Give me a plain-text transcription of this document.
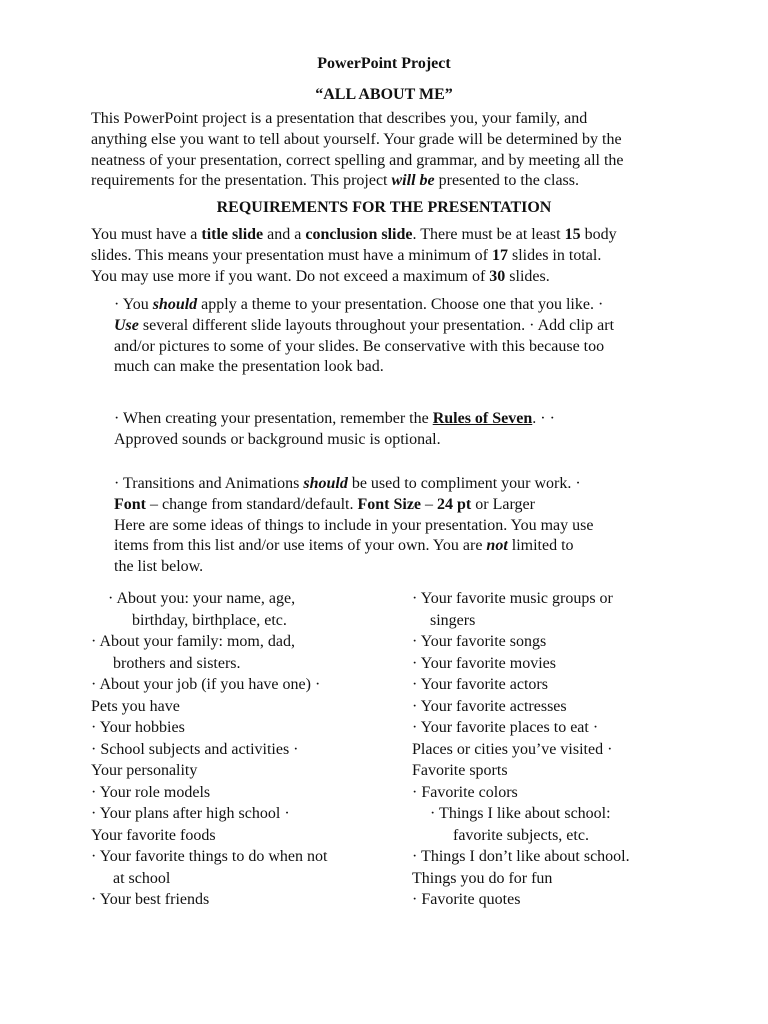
PowerPoint Project
“ALL ABOUT ME”
This PowerPoint project is a presentation that describes you, your family, and
anything else you want to tell about yourself. Your grade will be determined by the
neatness of your presentation, correct spelling and grammar, and by meeting all the
requirements for the presentation. This project will be presented to the class.
REQUIREMENTS FOR THE PRESENTATION
You must have a title slide and a conclusion slide. There must be at least 15 body
slides. This means your presentation must have a minimum of 17 slides in total.
You may use more if you want. Do not exceed a maximum of 30 slides.
· You should apply a theme to your presentation. Choose one that you like. ·
Use several different slide layouts throughout your presentation. · Add clip art
and/or pictures to some of your slides. Be conservative with this because too
much can make the presentation look bad.
· When creating your presentation, remember the Rules of Seven. · ·
Approved sounds or background music is optional.
· Transitions and Animations should be used to compliment your work. ·
Font – change from standard/default. Font Size – 24 pt or Larger
Here are some ideas of things to include in your presentation. You may use
items from this list and/or use items of your own. You are not limited to
the list below.
· About you: your name, age,
birthday, birthplace, etc.
· About your family: mom, dad,
brothers and sisters.
· About your job (if you have one) ·
Pets you have
· Your hobbies
· School subjects and activities ·
Your personality
· Your role models
· Your plans after high school ·
Your favorite foods
· Your favorite things to do when not
at school
· Your best friends
· Your favorite music groups or
singers
· Your favorite songs
· Your favorite movies
· Your favorite actors
· Your favorite actresses
· Your favorite places to eat ·
Places or cities you’ve visited ·
Favorite sports
· Favorite colors
· Things I like about school:
favorite subjects, etc.
· Things I don’t like about school.
Things you do for fun
· Favorite quotes
